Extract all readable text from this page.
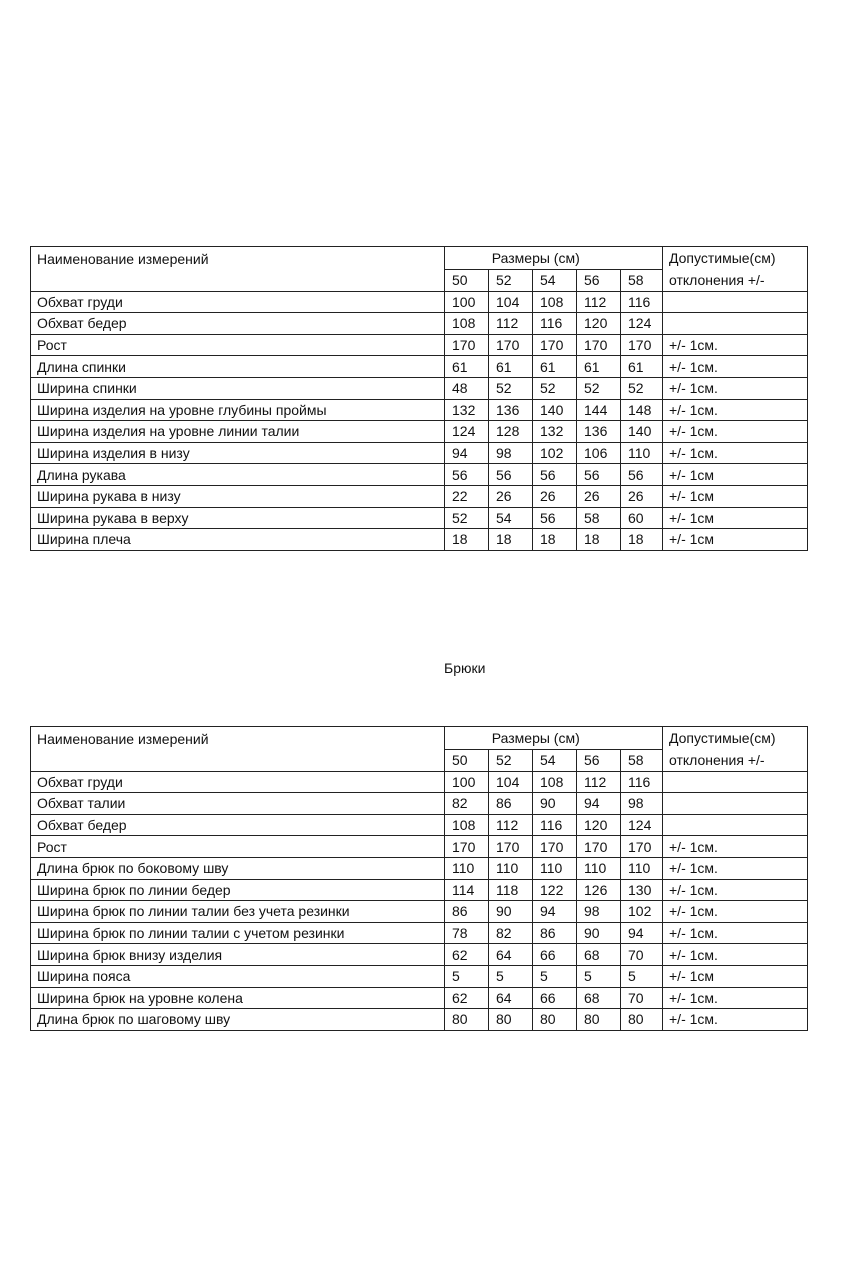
Наименование измерений	Размеры (см)					Допустимые(см)
	50	52	54	56	58	отклонения +/-
Обхват груди	100	104	108	112	116	
Обхват бедер	108	112	116	120	124	
Рост	170	170	170	170	170	+/- 1см.
Длина спинки	61	61	61	61	61	+/- 1см.
Ширина спинки	48	52	52	52	52	+/- 1см.
Ширина изделия на уровне глубины проймы	132	136	140	144	148	+/- 1см.
Ширина изделия на уровне линии талии	124	128	132	136	140	+/- 1см.
Ширина изделия в низу	94	98	102	106	110	+/- 1см.
Длина рукава	56	56	56	56	56	+/- 1см
Ширина рукава в низу	22	26	26	26	26	+/- 1см
Ширина рукава в верху	52	54	56	58	60	+/- 1см
Ширина плеча	18	18	18	18	18	+/- 1см
Брюки
Наименование измерений	Размеры (см)					Допустимые(см)
	50	52	54	56	58	отклонения +/-
Обхват груди	100	104	108	112	116	
Обхват талии	82	86	90	94	98	
Обхват бедер	108	112	116	120	124	
Рост	170	170	170	170	170	+/- 1см.
Длина брюк по боковому шву	110	110	110	110	110	+/- 1см.
Ширина брюк по линии бедер	114	118	122	126	130	+/- 1см.
Ширина брюк по линии талии без учета резинки	86	90	94	98	102	+/- 1см.
Ширина брюк по линии талии с учетом резинки	78	82	86	90	94	+/- 1см.
Ширина брюк внизу изделия	62	64	66	68	70	+/- 1см.
Ширина пояса	5	5	5	5	5	+/- 1см
Ширина брюк на уровне колена	62	64	66	68	70	+/- 1см.
Длина брюк по шаговому шву	80	80	80	80	80	+/- 1см.
